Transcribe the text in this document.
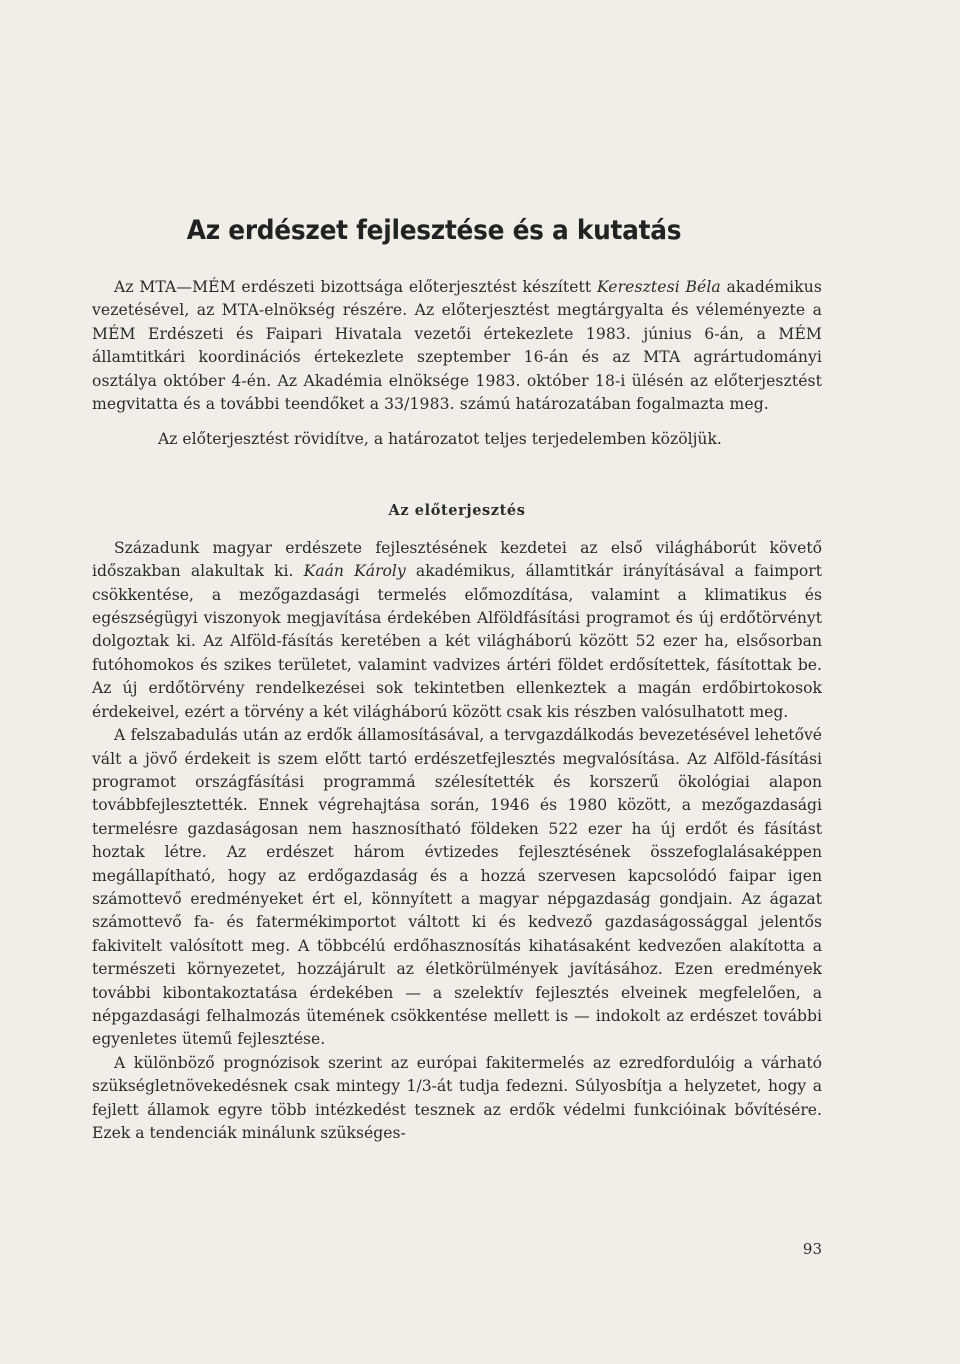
Az erdészet fejlesztése és a kutatás

Az MTA—MÉM erdészeti bizottsága előterjesztést készített Keresztesi Béla akadémikus vezetésével, az MTA-elnökség részére. Az előterjesztést megtárgyalta és véleményezte a MÉM Erdészeti és Faipari Hivatala vezetői értekezlete 1983. június 6-án, a MÉM államtitkári koordinációs értekezlete szeptember 16-án és az MTA agrártudományi osztálya október 4-én. Az Akadémia elnöksége 1983. október 18-i ülésén az előterjesztést megvitatta és a további teendőket a 33/1983. számú határozatában fogalmazta meg.

Az előterjesztést rövidítve, a határozatot teljes terjedelemben közöljük.

Az előterjesztés

Századunk magyar erdészete fejlesztésének kezdetei az első világháborút követő időszakban alakultak ki. Kaán Károly akadémikus, államtitkár irányításával a faimport csökkentése, a mezőgazdasági termelés előmozdítása, valamint a klimatikus és egészségügyi viszonyok megjavítása érdekében Alföldfásítási programot és új erdőtörvényt dolgoztak ki. Az Alföld-fásítás keretében a két világháború között 52 ezer ha, elsősorban futóhomokos és szikes területet, valamint vadvizes ártéri földet erdősítettek, fásítottak be. Az új erdőtörvény rendelkezései sok tekintetben ellenkeztek a magán erdőbirtokosok érdekeivel, ezért a törvény a két világháború között csak kis részben valósulhatott meg.

A felszabadulás után az erdők államosításával, a tervgazdálkodás bevezetésével lehetővé vált a jövő érdekeit is szem előtt tartó erdészetfejlesztés megvalósítása. Az Alföld-fásítási programot országfásítási programmá szélesítették és korszerű ökológiai alapon továbbfejlesztették. Ennek végrehajtása során, 1946 és 1980 között, a mezőgazdasági termelésre gazdaságosan nem hasznosítható földeken 522 ezer ha új erdőt és fásítást hoztak létre. Az erdészet három évtizedes fejlesztésének összefoglalásaképpen megállapítható, hogy az erdőgazdaság és a hozzá szervesen kapcsolódó faipar igen számottevő eredményeket ért el, könnyített a magyar népgazdaság gondjain. Az ágazat számottevő fa- és fatermékimportot váltott ki és kedvező gazdaságossággal jelentős fakivitelt valósított meg. A többcélú erdőhasznosítás kihatásaként kedvezően alakította a természeti környezetet, hozzájárult az életkörülmények javításához. Ezen eredmények további kibontakoztatása érdekében — a szelektív fejlesztés elveinek megfelelően, a népgazdasági felhalmozás ütemének csökkentése mellett is — indokolt az erdészet további egyenletes ütemű fejlesztése.

A különböző prognózisok szerint az európai fakitermelés az ezredfordulóig a várható szükségletnövekedésnek csak mintegy 1/3-át tudja fedezni. Súlyosbítja a helyzetet, hogy a fejlett államok egyre több intézkedést tesznek az erdők védelmi funkcióinak bővítésére. Ezek a tendenciák minálunk szükséges-

93
